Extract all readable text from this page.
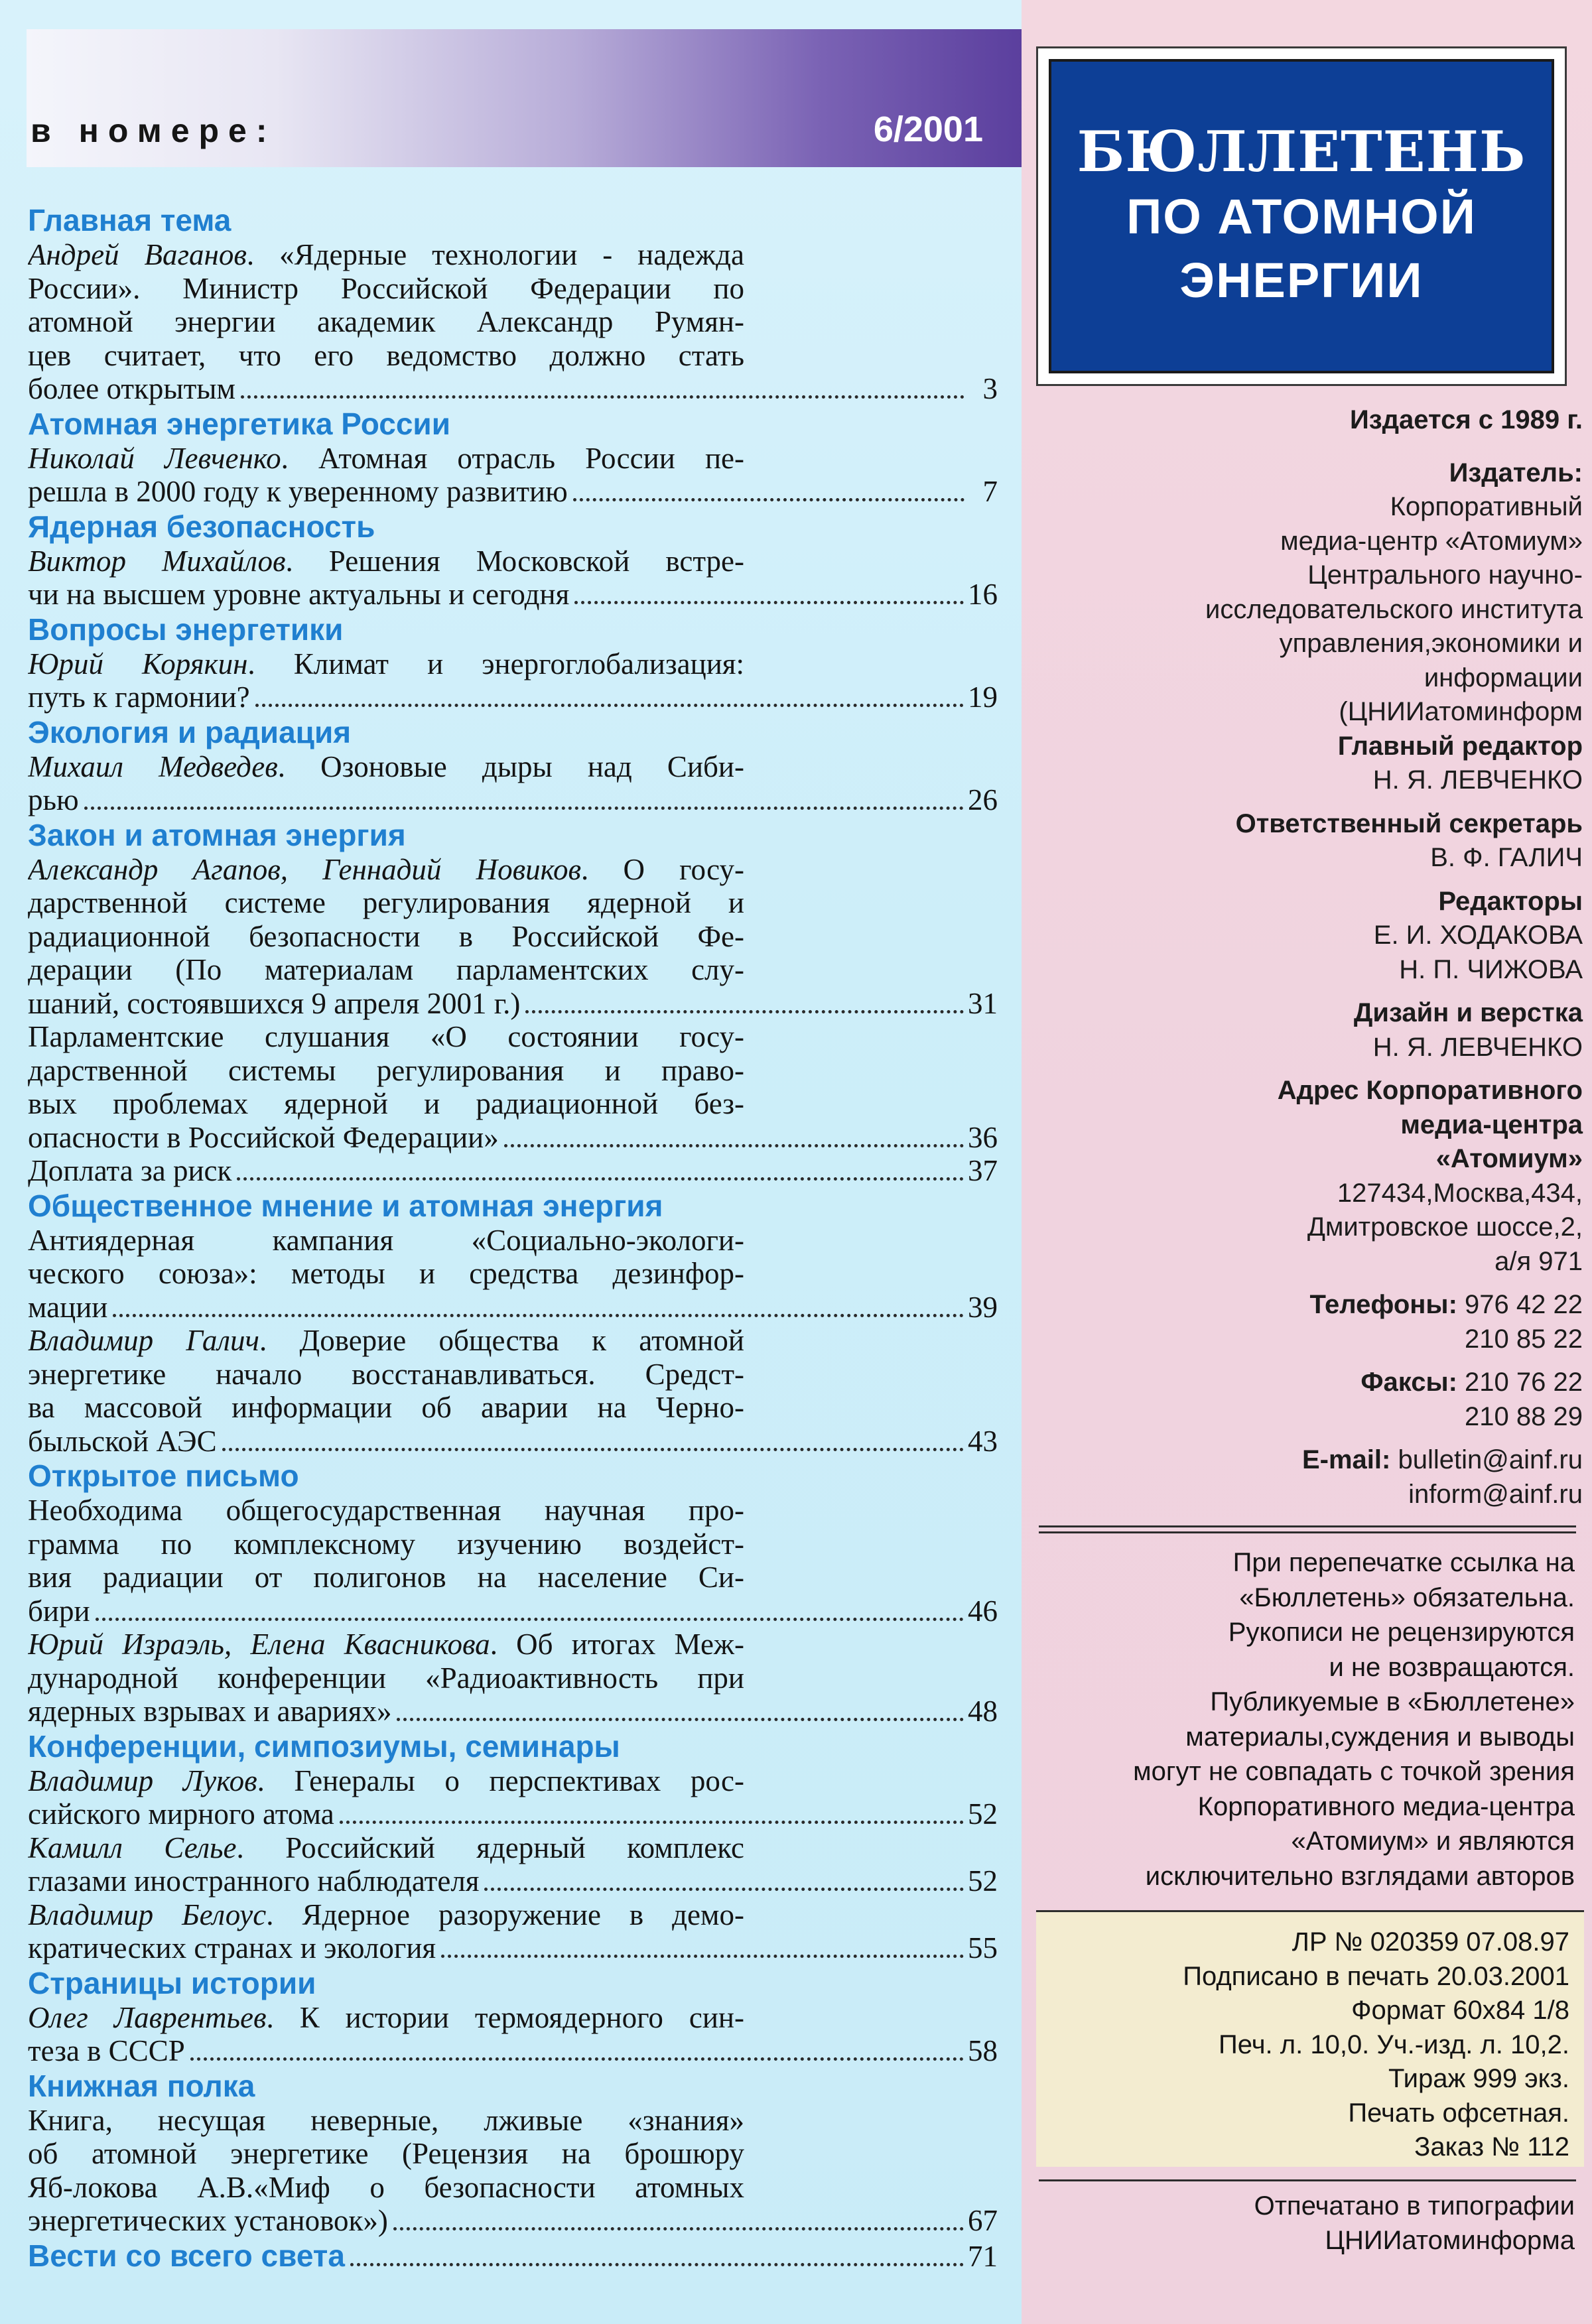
в номере:	6/2001
Главная тема
Андрей Ваганов. «Ядерные технологии - надежда
России». Министр Российской Федерации по
атомной энергии академик Александр Румян-
цев считает, что его ведомство должно стать
более открытым	3
Атомная энергетика России
Николай Левченко. Атомная отрасль России пе-
решла в 2000 году к уверенному развитию	7
Ядерная безопасность
Виктор Михайлов. Решения Московской встре-
чи на высшем уровне актуальны и сегодня	16
Вопросы энергетики
Юрий Корякин. Климат и энергоглобализация:
путь к гармонии?	19
Экология и радиация
Михаил Медведев. Озоновые дыры над Сиби-
рью	26
Закон и атомная энергия
Александр Агапов, Геннадий Новиков. О госу-
дарственной системе регулирования ядерной и
радиационной безопасности в Российской Фе-
дерации (По материалам парламентских слу-
шаний, состоявшихся 9 апреля 2001 г.)	31
Парламентские слушания «О состоянии госу-
дарственной системы регулирования и право-
вых проблемах ядерной и радиационной без-
опасности в Российской Федерации»	36
Доплата за риск	37
Общественное мнение и атомная энергия
Антиядерная кампания «Социально-экологи-
ческого союза»: методы и средства дезинфор-
мации	39
Владимир Галич. Доверие общества к атомной
энергетике начало восстанавливаться. Средст-
ва массовой информации об аварии на Черно-
быльской АЭС	43
Открытое письмо
Необходима общегосударственная научная про-
грамма по комплексному изучению воздейст-
вия радиации от полигонов на население Си-
бири	46
Юрий Израэль, Елена Квасникова. Об итогах Меж-
дународной конференции «Радиоактивность при
ядерных взрывах и авариях»	48
Конференции, симпозиумы, семинары
Владимир Луков. Генералы о перспективах рос-
сийского мирного атома	52
Камилл Селье. Российский ядерный комплекс
глазами иностранного наблюдателя	52
Владимир Белоус. Ядерное разоружение в демо-
кратических странах и экология	55
Страницы истории
Олег Лаврентьев. К истории термоядерного син-
теза в СССР	58
Книжная полка
Книга, несущая неверные, лживые «знания»
об атомной энергетике (Рецензия на брошюру
Яб-локова А.В.«Миф о безопасности атомных
энергетических установок»)	67
Вести со всего света	71
БЮЛЛЕТЕНЬ
ПО АТОМНОЙ
ЭНЕРГИИ
Издается с 1989 г.
Издатель:
Корпоративный
медиа-центр «Атомиум»
Центрального научно-
исследовательского института
управления,экономики и
информации
(ЦНИИатоминформ
Главный редактор
Н. Я. ЛЕВЧЕНКО
Ответственный секретарь
В. Ф. ГАЛИЧ
Редакторы
Е. И. ХОДАКОВА
Н. П. ЧИЖОВА
Дизайн и верстка
Н. Я. ЛЕВЧЕНКО
Адрес Корпоративного
медиа-центра
«Атомиум»
127434,Москва,434,
Дмитровское шоссе,2,
а/я 971
Телефоны: 976 42 22
210 85 22
Факсы: 210 76 22
210 88 29
E-mail: bulletin@ainf.ru
inform@ainf.ru
При перепечатке ссылка на
«Бюллетень» обязательна.
Рукописи не рецензируются
и не возвращаются.
Публикуемые в «Бюллетене»
материалы,суждения и выводы
могут не совпадать с точкой зрения
Корпоративного медиа-центра
«Атомиум» и являются
исключительно взглядами авторов
ЛР № 020359 07.08.97
Подписано в печать 20.03.2001
Формат 60х84 1/8
Печ. л. 10,0. Уч.-изд. л. 10,2.
Тираж 999 экз.
Печать офсетная.
Заказ № 112
Отпечатано в типографии
ЦНИИатоминформа
